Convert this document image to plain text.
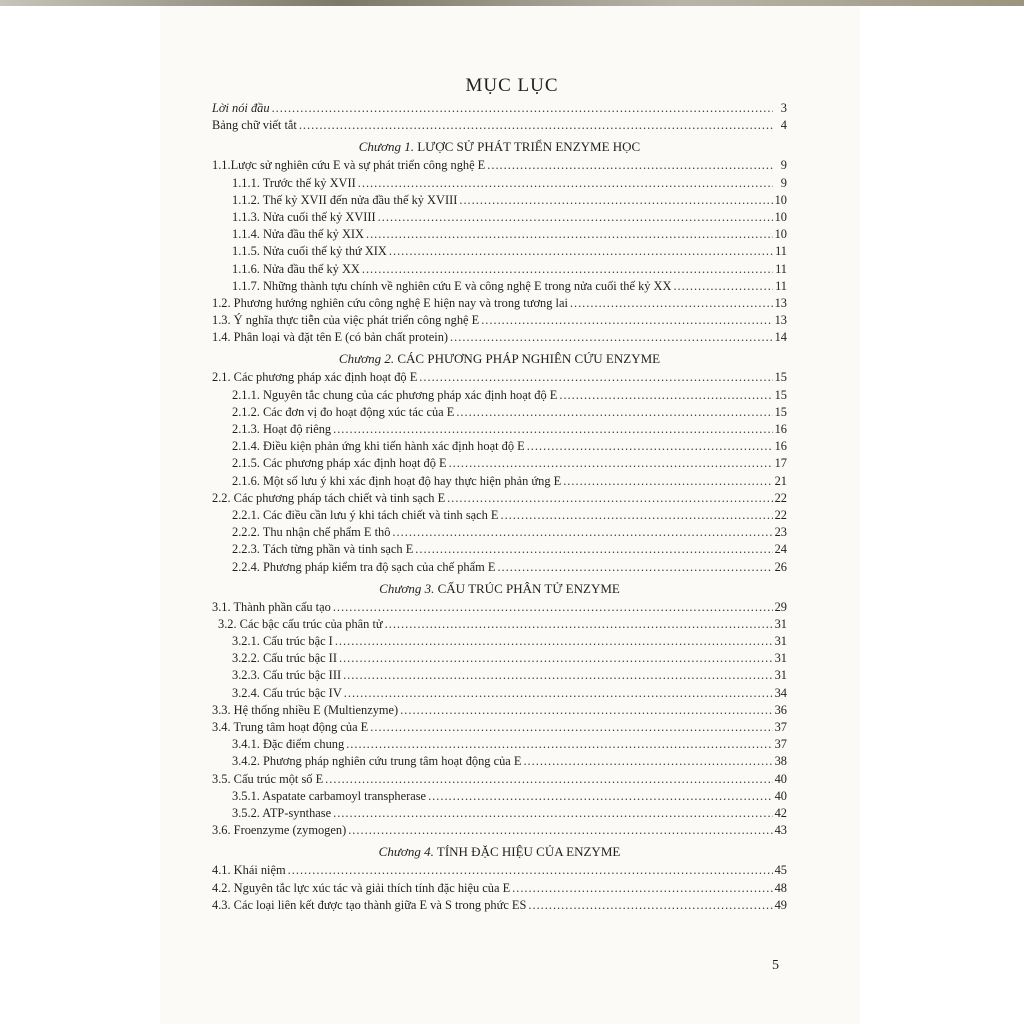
MỤC LỤC
Lời nói đầu .....	3
Bảng chữ viết tắt .....	4
Chương 1. LƯỢC SỬ PHÁT TRIỂN ENZYME HỌC
1.1.Lược sử nghiên cứu E và sự phát triển công nghệ E .....	9
1.1.1. Trước thế kỷ XVII .....	9
1.1.2. Thế kỷ XVII đến nửa đầu thế kỷ XVIII .....	10
1.1.3. Nửa cuối thế kỷ XVIII .....	10
1.1.4. Nửa đầu thế kỷ XIX .....	10
1.1.5. Nửa cuối thế kỷ thứ XIX .....	11
1.1.6. Nửa đầu thế kỷ XX .....	11
1.1.7. Những thành tựu chính về nghiên cứu E và công nghệ E trong nửa cuối thế kỷ XX .....	11
1.2. Phương hướng nghiên cứu công nghệ E hiện nay và trong tương lai .....	13
1.3. Ý nghĩa thực tiễn của việc phát triển công nghệ E .....	13
1.4. Phân loại và đặt tên E (có bản chất protein) .....	14
Chương 2. CÁC PHƯƠNG PHÁP NGHIÊN CỨU ENZYME
2.1. Các phương pháp xác định hoạt độ E .....	15
2.1.1. Nguyên tắc chung của các phương pháp xác định hoạt độ E .....	15
2.1.2. Các đơn vị đo hoạt động xúc tác của E .....	15
2.1.3. Hoạt độ riêng .....	16
2.1.4. Điều kiện phản ứng khi tiến hành xác định hoạt độ E .....	16
2.1.5. Các phương pháp xác định hoạt độ E .....	17
2.1.6. Một số lưu ý khi xác định hoạt độ hay thực hiện phản ứng E .....	21
2.2. Các phương pháp tách chiết và tinh sạch E .....	22
2.2.1. Các điều cần lưu ý khi tách chiết và tinh sạch E .....	22
2.2.2. Thu nhận chế phẩm E thô .....	23
2.2.3. Tách từng phần và tinh sạch E .....	24
2.2.4. Phương pháp kiểm tra độ sạch của chế phẩm E .....	26
Chương 3. CẤU TRÚC PHÂN TỬ ENZYME
3.1. Thành phần cấu tạo .....	29
3.2. Các bậc cấu trúc của phân tử .....	31
3.2.1. Cấu trúc bậc I .....	31
3.2.2. Cấu trúc bậc II .....	31
3.2.3. Cấu trúc bậc III .....	31
3.2.4. Cấu trúc bậc IV .....	34
3.3. Hệ thống nhiều E (Multienzyme) .....	36
3.4. Trung tâm hoạt động của E .....	37
3.4.1. Đặc điểm chung .....	37
3.4.2. Phương pháp nghiên cứu trung tâm hoạt động của E .....	38
3.5. Cấu trúc một số E .....	40
3.5.1. Aspatate carbamoyl transpherase .....	40
3.5.2. ATP-synthase .....	42
3.6. Froenzyme (zymogen) .....	43
Chương 4. TÍNH ĐẶC HIỆU CỦA ENZYME
4.1. Khái niệm .....	45
4.2. Nguyên tắc lực xúc tác và giải thích tính đặc hiệu của E .....	48
4.3. Các loại liên kết được tạo thành giữa E và S trong phức ES .....	49
5
